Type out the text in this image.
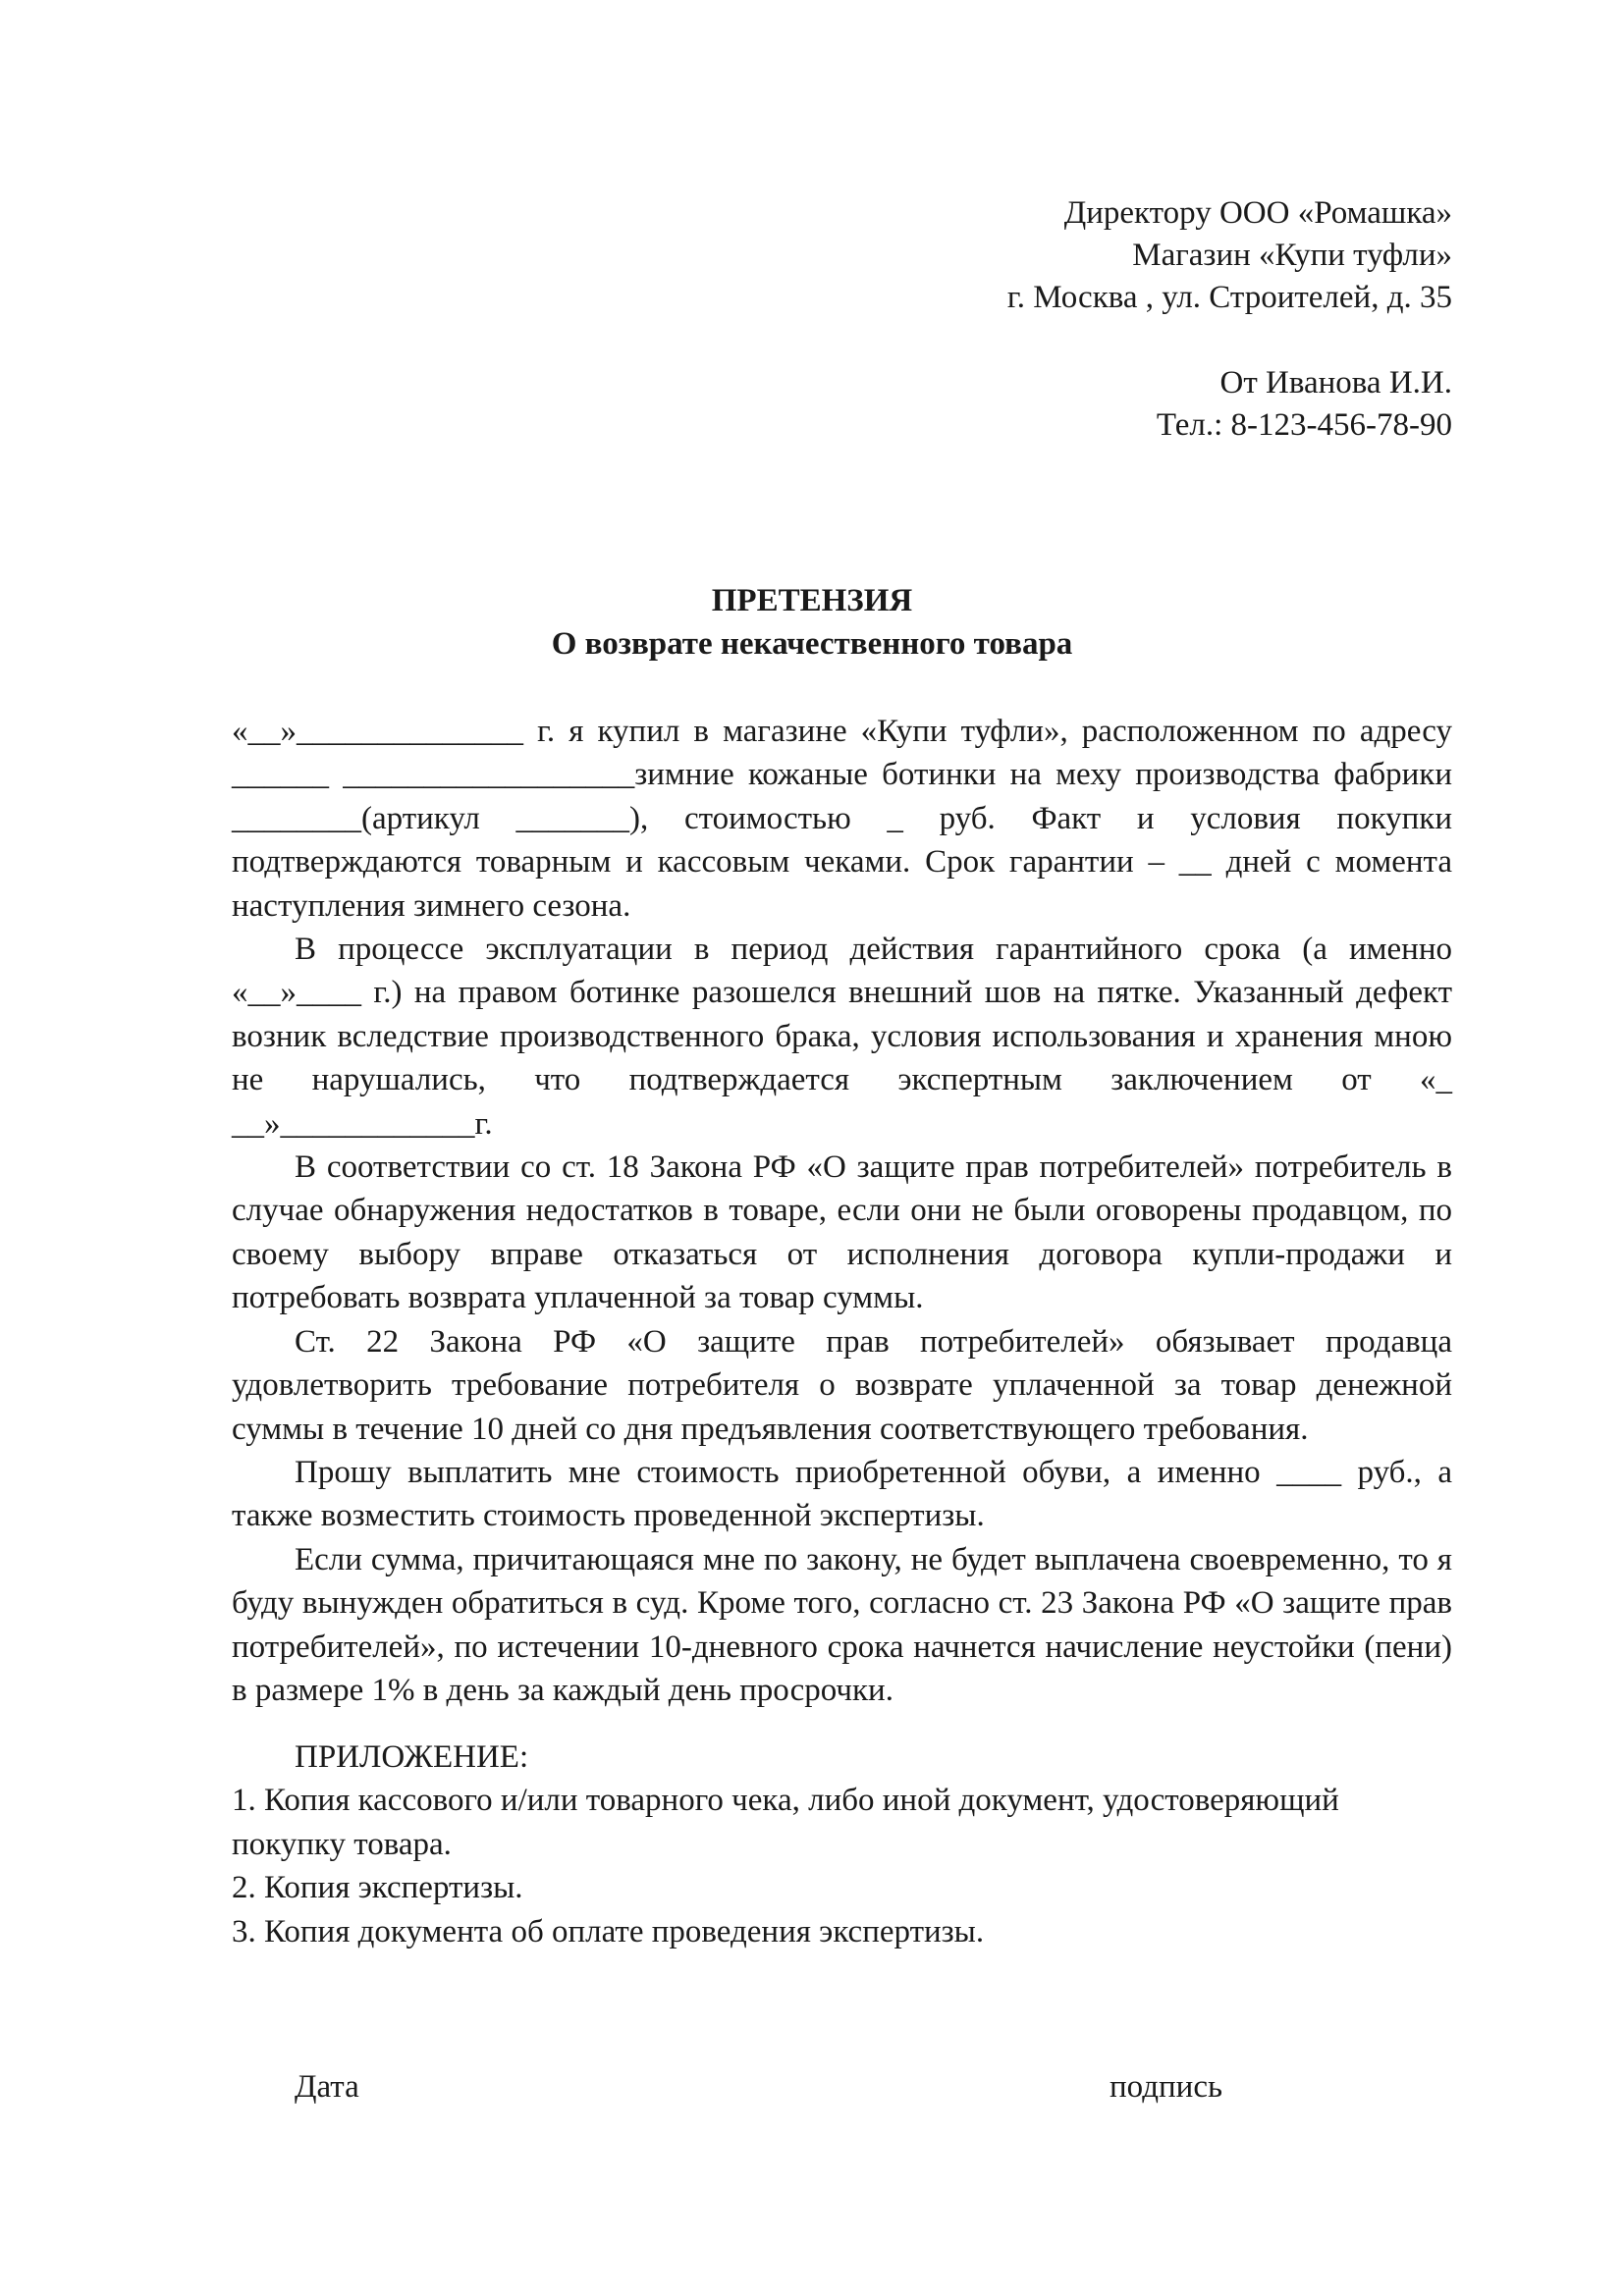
Директору ООО «Ромашка»
Магазин «Купи туфли»
г. Москва , ул. Строителей, д. 35
От Иванова И.И.
Тел.: 8-123-456-78-90
ПРЕТЕНЗИЯ
О возврате некачественного товара

«__»______________ г. я купил в магазине «Купи туфли», расположенном по адресу ______ __________________зимние кожаные ботинки на меху производства фабрики ________(артикул _______), стоимостью _ руб. Факт и условия покупки подтверждаются товарным и кассовым чеками. Срок гарантии – __ дней с момента наступления зимнего сезона.

В процессе эксплуатации в период действия гарантийного срока (а именно «__»____ г.) на правом ботинке разошелся внешний шов на пятке. Указанный дефект возник вследствие производственного брака, условия использования и хранения мною не нарушались, что подтверждается экспертным заключением от «_

__»____________г.

В соответствии со ст. 18 Закона РФ «О защите прав потребителей» потребитель в случае обнаружения недостатков в товаре, если они не были оговорены продавцом, по своему выбору вправе отказаться от исполнения договора купли-продажи и потребовать возврата уплаченной за товар суммы.

Ст. 22 Закона РФ «О защите прав потребителей» обязывает продавца удовлетворить требование потребителя о возврате уплаченной за товар денежной суммы в течение 10 дней со дня предъявления соответствующего требования.

Прошу выплатить мне стоимость приобретенной обуви, а именно ____ руб., а также возместить стоимость проведенной экспертизы.

Если сумма, причитающаяся мне по закону, не будет выплачена своевременно, то я буду вынужден обратиться в суд. Кроме того, согласно ст. 23 Закона РФ «О защите прав потребителей», по истечении 10-дневного срока начнется начисление неустойки (пени) в размере 1% в день за каждый день просрочки.

ПРИЛОЖЕНИЕ:

1. Копия кассового и/или товарного чека, либо иной документ, удостоверяющий покупку товара.

2. Копия экспертизы.

3. Копия документа об оплате проведения экспертизы.

Дата	подпись
